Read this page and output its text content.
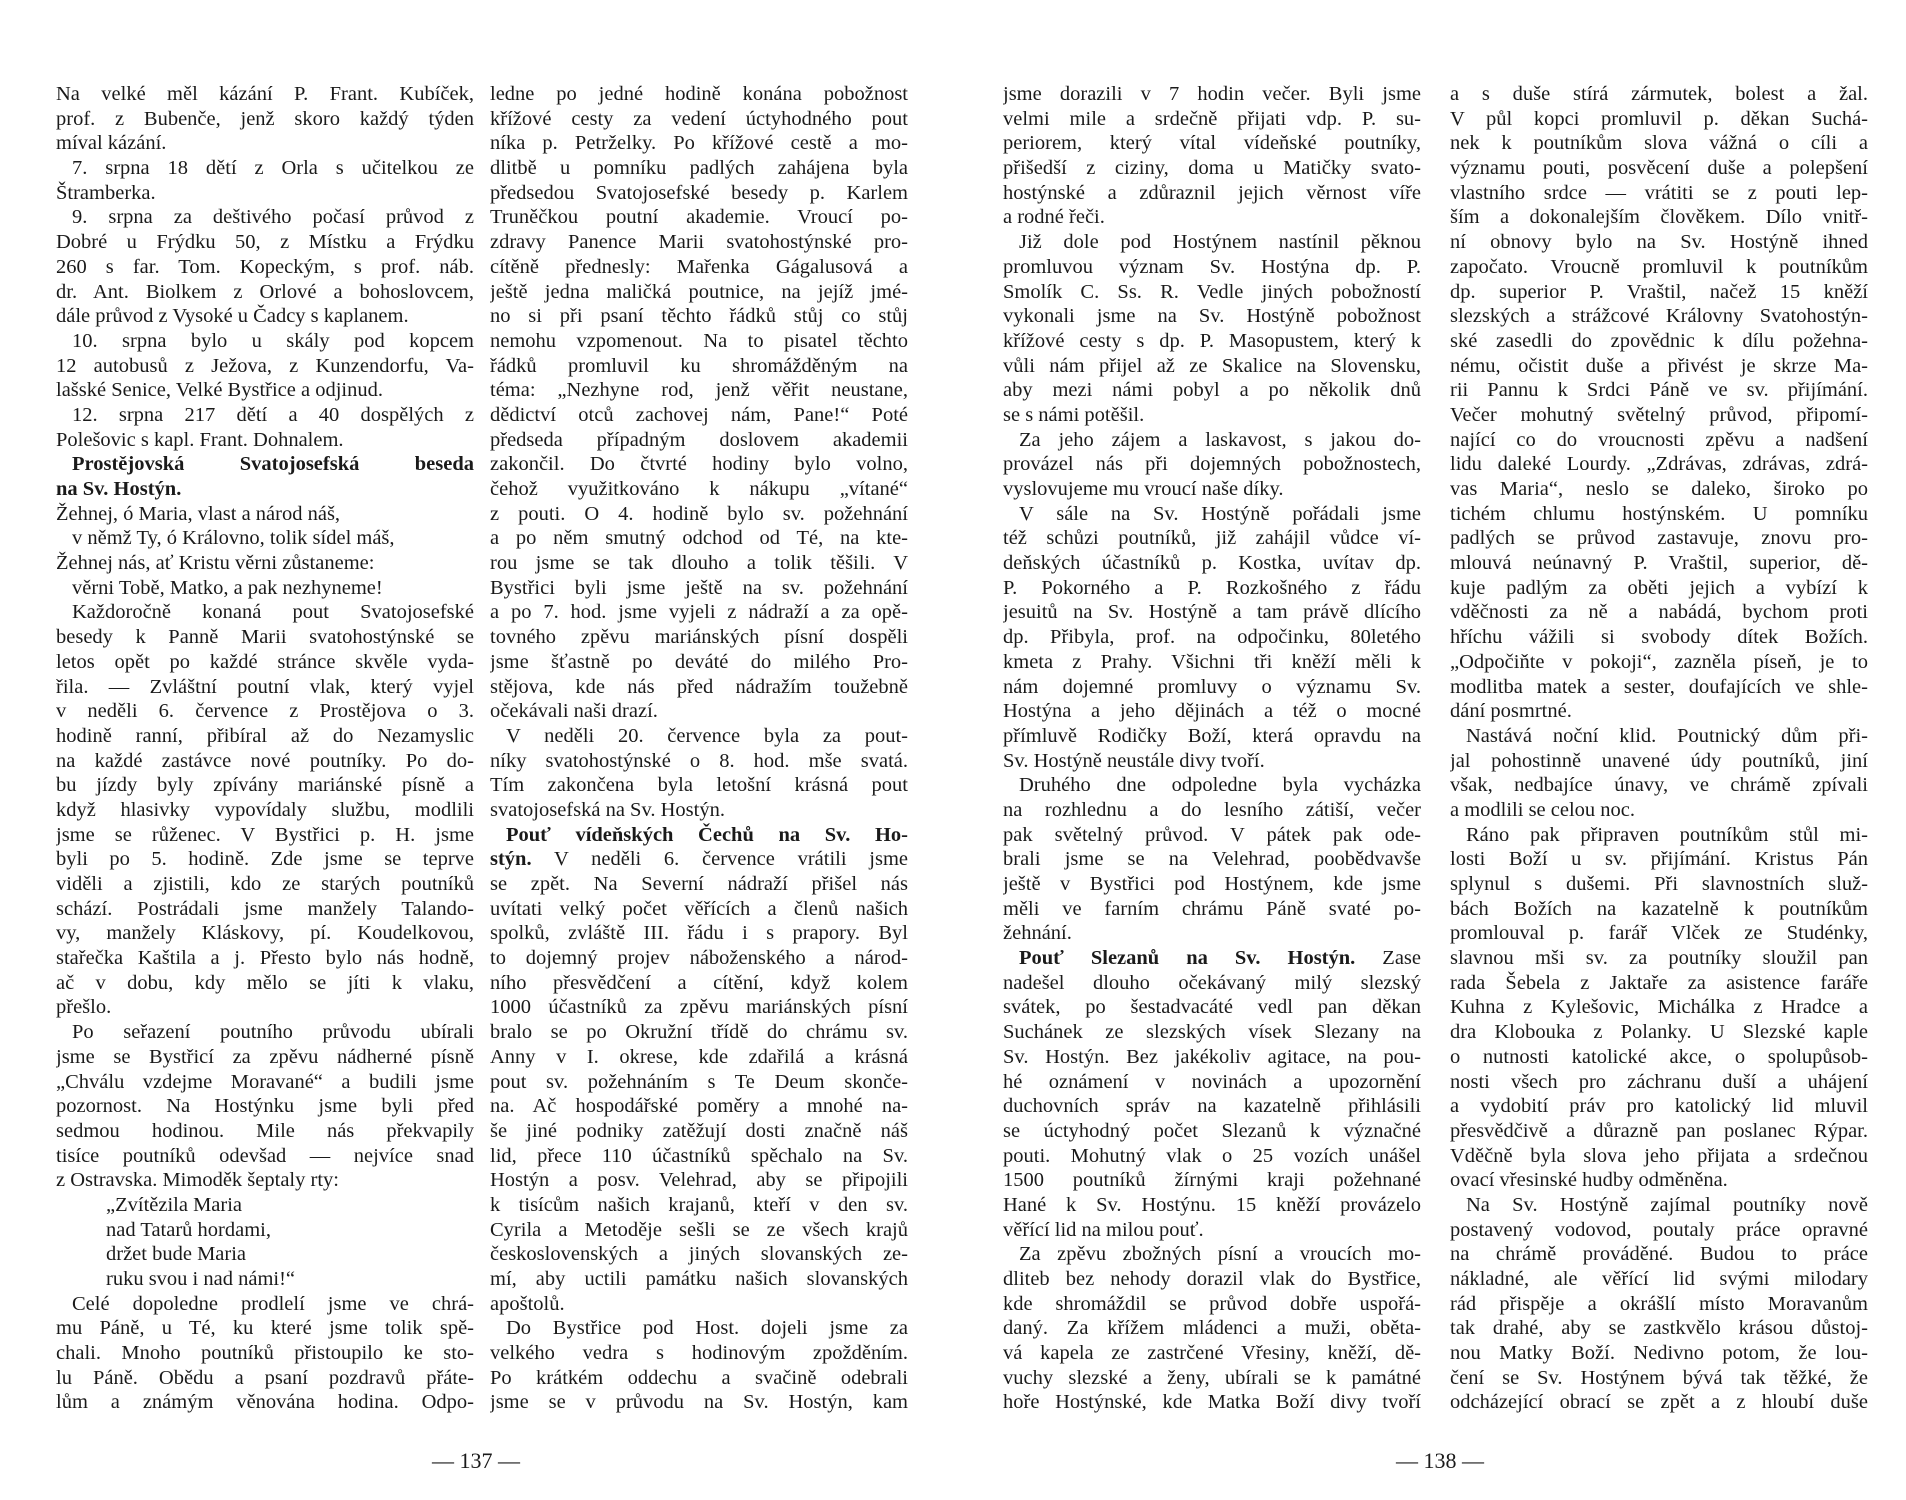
Na velké měl kázání P. Frant. Kubíček,
prof. z Bubenče, jenž skoro každý týden
míval kázání.
7. srpna 18 dětí z Orla s učitelkou ze
Štramberka.
9. srpna za deštivého počasí průvod z
Dobré u Frýdku 50, z Místku a Frýdku
260 s far. Tom. Kopeckým, s prof. náb.
dr. Ant. Biolkem z Orlové a bohoslovcem,
dále průvod z Vysoké u Čadcy s kaplanem.
10. srpna bylo u skály pod kopcem
12 autobusů z Ježova, z Kunzendorfu, Va-
lašské Senice, Velké Bystřice a odjinud.
12. srpna 217 dětí a 40 dospělých z
Polešovic s kapl. Frant. Dohnalem.
Prostějovská Svatojosefská beseda
na Sv. Hostýn.
Žehnej, ó Maria, vlast a národ náš,
v němž Ty, ó Královno, tolik sídel máš,
Žehnej nás, ať Kristu věrni zůstaneme:
věrni Tobě, Matko, a pak nezhyneme!
Každoročně konaná pout Svatojosefské
besedy k Panně Marii svatohostýnské se
letos opět po každé stránce skvěle vyda-
řila. — Zvláštní poutní vlak, který vyjel
v neděli 6. července z Prostějova o 3.
hodině ranní, přibíral až do Nezamyslic
na každé zastávce nové poutníky. Po do-
bu jízdy byly zpívány mariánské písně a
když hlasivky vypovídaly službu, modlili
jsme se růženec. V Bystřici p. H. jsme
byli po 5. hodině. Zde jsme se teprve
viděli a zjistili, kdo ze starých poutníků
schází. Postrádali jsme manžely Talando-
vy, manžely Kláskovy, pí. Koudelkovou,
stařečka Kaštila a j. Přesto bylo nás hodně,
ač v dobu, kdy mělo se jíti k vlaku,
přešlo.
Po seřazení poutního průvodu ubírali
jsme se Bystřicí za zpěvu nádherné písně
„Chválu vzdejme Moravané“ a budili jsme
pozornost. Na Hostýnku jsme byli před
sedmou hodinou. Mile nás překvapily
tisíce poutníků odevšad — nejvíce snad
z Ostravska. Mimoděk šeptaly rty:
„Zvítězila Maria
nad Tatarů hordami,
držet bude Maria
ruku svou i nad námi!“
Celé dopoledne prodlelí jsme ve chrá-
mu Páně, u Té, ku které jsme tolik spě-
chali. Mnoho poutníků přistoupilo ke sto-
lu Páně. Obědu a psaní pozdravů přáte-
lům a známým věnována hodina. Odpo-
ledne po jedné hodině konána pobožnost
křížové cesty za vedení úctyhodného pout
níka p. Petrželky. Po křížové cestě a mo-
dlitbě u pomníku padlých zahájena byla
předsedou Svatojosefské besedy p. Karlem
Truněčkou poutní akademie. Vroucí po-
zdravy Panence Marii svatohostýnské pro-
cítěně přednesly: Mařenka Gágalusová a
ještě jedna maličká poutnice, na jejíž jmé-
no si při psaní těchto řádků stůj co stůj
nemohu vzpomenout. Na to pisatel těchto
řádků promluvil ku shromážděným na
téma: „Nezhyne rod, jenž věřit neustane,
dědictví otců zachovej nám, Pane!“ Poté
předseda případným doslovem akademii
zakončil. Do čtvrté hodiny bylo volno,
čehož využitkováno k nákupu „vítané“
z pouti. O 4. hodině bylo sv. požehnání
a po něm smutný odchod od Té, na kte-
rou jsme se tak dlouho a tolik těšili. V
Bystřici byli jsme ještě na sv. požehnání
a po 7. hod. jsme vyjeli z nádraží a za opě-
tovného zpěvu mariánských písní dospěli
jsme šťastně po deváté do milého Pro-
stějova, kde nás před nádražím toužebně
očekávali naši drazí.
V neděli 20. července byla za pout-
níky svatohostýnské o 8. hod. mše svatá.
Tím zakončena byla letošní krásná pout
svatojosefská na Sv. Hostýn.
Pouť vídeňských Čechů na Sv. Ho-
stýn. V neděli 6. července vrátili jsme
se zpět. Na Severní nádraží přišel nás
uvítati velký počet věřících a členů našich
spolků, zvláště III. řádu i s prapory. Byl
to dojemný projev náboženského a národ-
ního přesvědčení a cítění, když kolem
1000 účastníků za zpěvu mariánských písní
bralo se po Okružní třídě do chrámu sv.
Anny v I. okrese, kde zdařilá a krásná
pout sv. požehnáním s Te Deum skonče-
na. Ač hospodářské poměry a mnohé na-
še jiné podniky zatěžují dosti značně náš
lid, přece 110 účastníků spěchalo na Sv.
Hostýn a posv. Velehrad, aby se připojili
k tisícům našich krajanů, kteří v den sv.
Cyrila a Metoděje sešli se ze všech krajů
československých a jiných slovanských ze-
mí, aby uctili památku našich slovanských
apoštolů.
Do Bystřice pod Host. dojeli jsme za
velkého vedra s hodinovým zpožděním.
Po krátkém oddechu a svačině odebrali
jsme se v průvodu na Sv. Hostýn, kam
jsme dorazili v 7 hodin večer. Byli jsme
velmi mile a srdečně přijati vdp. P. su-
periorem, který vítal vídeňské poutníky,
přišedší z ciziny, doma u Matičky svato-
hostýnské a zdůraznil jejich věrnost víře
a rodné řeči.
Již dole pod Hostýnem nastínil pěknou
promluvou význam Sv. Hostýna dp. P.
Smolík C. Ss. R. Vedle jiných pobožností
vykonali jsme na Sv. Hostýně pobožnost
křížové cesty s dp. P. Masopustem, který k
vůli nám přijel až ze Skalice na Slovensku,
aby mezi námi pobyl a po několik dnů
se s námi potěšil.
Za jeho zájem a laskavost, s jakou do-
provázel nás při dojemných pobožnostech,
vyslovujeme mu vroucí naše díky.
V sále na Sv. Hostýně pořádali jsme
též schůzi poutníků, již zahájil vůdce ví-
deňských účastníků p. Kostka, uvítav dp.
P. Pokorného a P. Rozkošného z řádu
jesuitů na Sv. Hostýně a tam právě dlícího
dp. Přibyla, prof. na odpočinku, 80letého
kmeta z Prahy. Všichni tři kněží měli k
nám dojemné promluvy o významu Sv.
Hostýna a jeho dějinách a též o mocné
přímluvě Rodičky Boží, která opravdu na
Sv. Hostýně neustále divy tvoří.
Druhého dne odpoledne byla vycházka
na rozhlednu a do lesního zátiší, večer
pak světelný průvod. V pátek pak ode-
brali jsme se na Velehrad, poobědvavše
ještě v Bystřici pod Hostýnem, kde jsme
měli ve farním chrámu Páně svaté po-
žehnání.
Pouť Slezanů na Sv. Hostýn. Zase
nadešel dlouho očekávaný milý slezský
svátek, po šestadvacáté vedl pan děkan
Suchánek ze slezských vísek Slezany na
Sv. Hostýn. Bez jakékoliv agitace, na pou-
hé oznámení v novinách a upozornění
duchovních správ na kazatelně přihlásili
se úctyhodný počet Slezanů k význačné
pouti. Mohutný vlak o 25 vozích unášel
1500 poutníků žírnými kraji požehnané
Hané k Sv. Hostýnu. 15 kněží provázelo
věřící lid na milou pouť.
Za zpěvu zbožných písní a vroucích mo-
dliteb bez nehody dorazil vlak do Bystřice,
kde shromáždil se průvod dobře uspořá-
daný. Za křížem mládenci a muži, oběta-
vá kapela ze zastrčené Vřesiny, kněží, dě-
vuchy slezské a ženy, ubírali se k památné
hoře Hostýnské, kde Matka Boží divy tvoří
a s duše stírá zármutek, bolest a žal.
V půl kopci promluvil p. děkan Suchá-
nek k poutníkům slova vážná o cíli a
významu pouti, posvěcení duše a polepšení
vlastního srdce — vrátiti se z pouti lep-
ším a dokonalejším člověkem. Dílo vnitř-
ní obnovy bylo na Sv. Hostýně ihned
započato. Vroucně promluvil k poutníkům
dp. superior P. Vraštil, načež 15 kněží
slezských a strážcové Královny Svatohostýn-
ské zasedli do zpovědnic k dílu požehna-
nému, očistit duše a přivést je skrze Ma-
rii Pannu k Srdci Páně ve sv. přijímání.
Večer mohutný světelný průvod, připomí-
nající co do vroucnosti zpěvu a nadšení
lidu daleké Lourdy. „Zdrávas, zdrávas, zdrá-
vas Maria“, neslo se daleko, široko po
tichém chlumu hostýnském. U pomníku
padlých se průvod zastavuje, znovu pro-
mlouvá neúnavný P. Vraštil, superior, dě-
kuje padlým za oběti jejich a vybízí k
vděčnosti za ně a nabádá, bychom proti
hříchu vážili si svobody dítek Božích.
„Odpočiňte v pokoji“, zazněla píseň, je to
modlitba matek a sester, doufajících ve shle-
dání posmrtné.
Nastává noční klid. Poutnický dům při-
jal pohostinně unavené údy poutníků, jiní
však, nedbajíce únavy, ve chrámě zpívali
a modlili se celou noc.
Ráno pak připraven poutníkům stůl mi-
losti Boží u sv. přijímání. Kristus Pán
splynul s dušemi. Při slavnostních služ-
bách Božích na kazatelně k poutníkům
promlouval p. farář Vlček ze Studénky,
slavnou mši sv. za poutníky sloužil pan
rada Šebela z Jaktaře za asistence faráře
Kuhna z Kylešovic, Michálka z Hradce a
dra Klobouka z Polanky. U Slezské kaple
o nutnosti katolické akce, o spolupůsob-
nosti všech pro záchranu duší a uhájení
a vydobití práv pro katolický lid mluvil
přesvědčivě a důrazně pan poslanec Rýpar.
Vděčně byla slova jeho přijata a srdečnou
ovací vřesinské hudby odměněna.
Na Sv. Hostýně zajímal poutníky nově
postavený vodovod, poutaly práce opravné
na chrámě prováděné. Budou to práce
nákladné, ale věřící lid svými milodary
rád přispěje a okrášlí místo Moravanům
tak drahé, aby se zastkvělo krásou důstoj-
nou Matky Boží. Nedivno potom, že lou-
čení se Sv. Hostýnem bývá tak těžké, že
odcházející obrací se zpět a z hloubí duše
— 137 —	— 138 —
